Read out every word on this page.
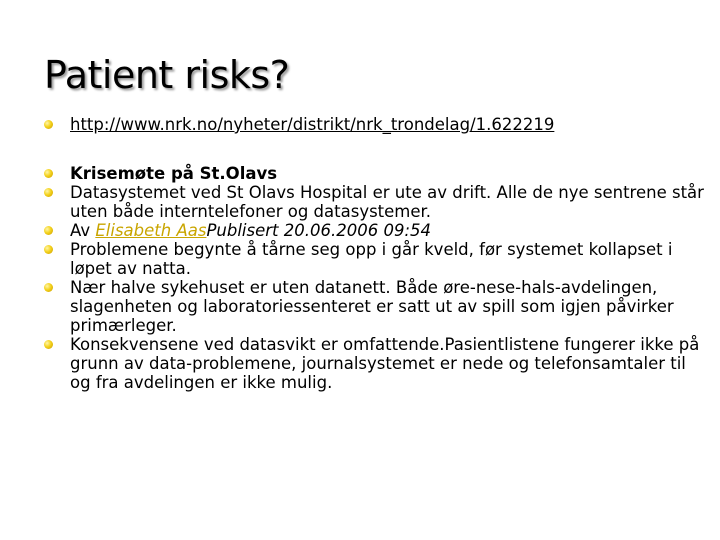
Patient risks?
http://www.nrk.no/nyheter/distrikt/nrk_trondelag/1.622219
Krisemøte på St.Olavs
Datasystemet ved St Olavs Hospital er ute av drift. Alle de nye sentrene står uten både interntelefoner og datasystemer.
Av Elisabeth AasPublisert 20.06.2006 09:54
Problemene begynte å tårne seg opp i går kveld, før systemet kollapset i løpet av natta.
Nær halve sykehuset er uten datanett. Både øre-nese-hals-avdelingen, slagenheten og laboratoriessenteret er satt ut av spill som igjen påvirker primærleger.
Konsekvensene ved datasvikt er omfattende.Pasientlistene fungerer ikke på grunn av data-problemene, journalsystemet er nede og telefonsamtaler til og fra avdelingen er ikke mulig.
